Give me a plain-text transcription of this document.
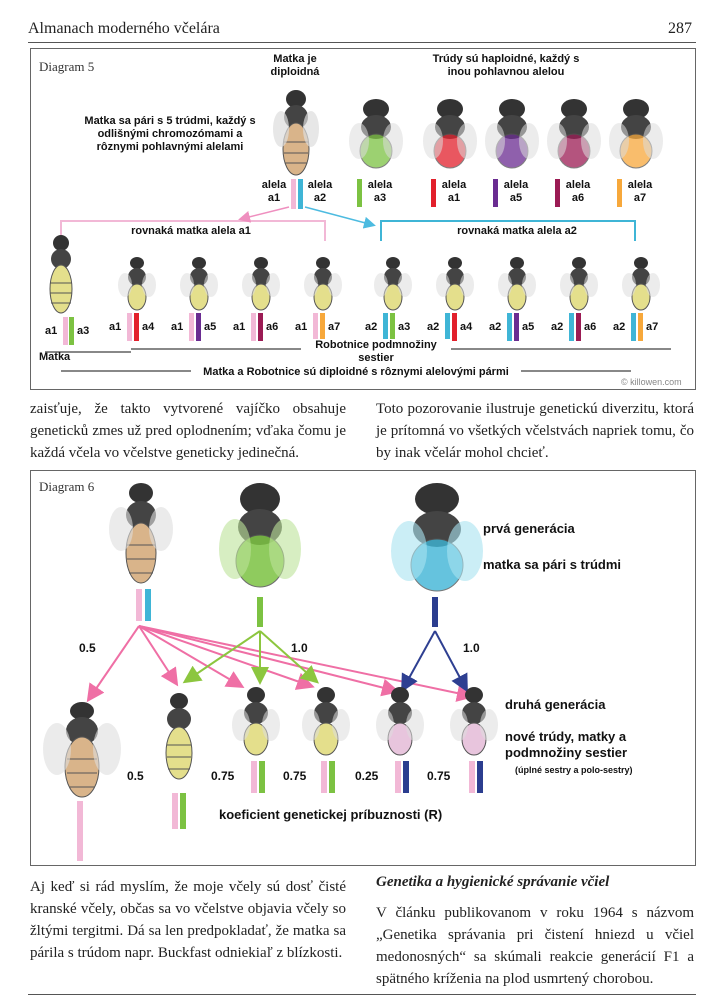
Almanach moderného včelára	287
Diagram 5	Matka je diploidná
Trúdy sú haploidné, každý s inou pohlavnou alelou
Matka sa pári s 5 trúdmi, každý s odlišnými chromozómami a rôznymi pohlavnými alelami
alela
a3
alela
a1
alela
a5
alela
a6
alela
a7
alela
a1
alela
a2
rovnaká matka alela a1	rovnaká matka alela a2
a1 a3
Matka
a1 a4 a1 a5 a1 a6 a1 a7 a2 a3 a2 a4 a2 a5 a2 a6 a2 a7
Robotnice podmnožiny sestier
Matka a Robotnice sú diploidné s rôznymi alelovými pármi
© killowen.com
zaisťuje, že takto vytvorené vajíčko obsahuje geneticků zmes už pred oplodnením; vďaka čomu je každá včela vo včelstve geneticky jedinečná.
Toto pozorovanie ilustruje genetickú diverzitu, ktorá je prítomná vo všetkých včelstvách napriek tomu, čo by inak včelár mohol chcieť.
Diagram 6
prvá generácia
matka sa pári s trúdmi
0.5	1.0	1.0
druhá generácia
nové trúdy, matky a podmnožiny sestier
(úplné sestry a polo-sestry)
0.5	0.75	0.75	0.25	0.75
koeficient genetickej príbuznosti (R)
Aj keď si rád myslím, že moje včely sú dosť čisté kranské včely, občas sa vo včelstve objavia včely so žltými tergitmi. Dá sa len predpokladať, že matka sa párila s trúdom napr. Buckfast odniekiaľ z blízkosti.
Genetika a hygienické správanie včiel
V článku publikovanom v roku 1964 s názvom „Genetika správania pri čistení hniezd u včiel medonosných“ sa skúmali reakcie generácií F1 a spätného kríženia na plod usmrtený chorobou.
